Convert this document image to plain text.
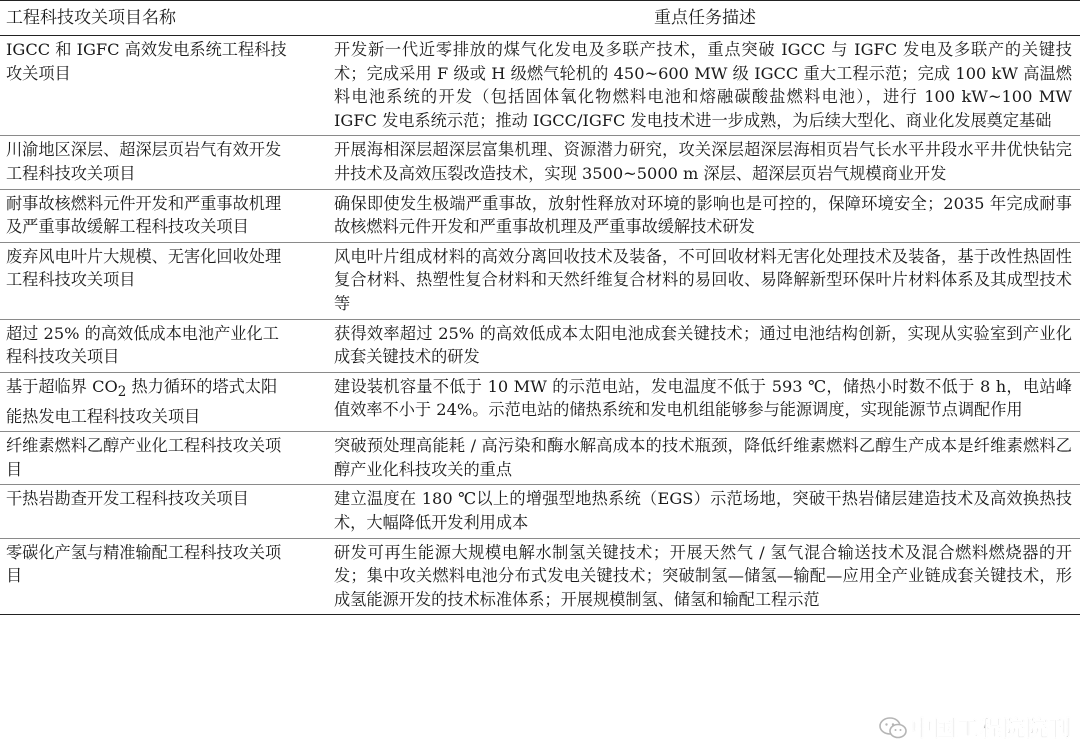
工程科技攻关项目名称	重点任务描述
IGCC 和 IGFC 高效发电系统工程科技攻关项目	开发新一代近零排放的煤气化发电及多联产技术，重点突破 IGCC 与 IGFC 发电及多联产的关键技术；完成采用 F 级或 H 级燃气轮机的 450~600 MW 级 IGCC 重大工程示范；完成 100 kW 高温燃料电池系统的开发（包括固体氧化物燃料电池和熔融碳酸盐燃料电池），进行 100 kW~100 MW IGFC 发电系统示范；推动 IGCC/IGFC 发电技术进一步成熟，为后续大型化、商业化发展奠定基础
川渝地区深层、超深层页岩气有效开发工程科技攻关项目	开展海相深层超深层富集机理、资源潜力研究，攻关深层超深层海相页岩气长水平井段水平井优快钻完井技术及高效压裂改造技术，实现 3500~5000 m 深层、超深层页岩气规模商业开发
耐事故核燃料元件开发和严重事故机理及严重事故缓解工程科技攻关项目	确保即使发生极端严重事故，放射性释放对环境的影响也是可控的，保障环境安全；2035 年完成耐事故核燃料元件开发和严重事故机理及严重事故缓解技术研发
废弃风电叶片大规模、无害化回收处理工程科技攻关项目	风电叶片组成材料的高效分离回收技术及装备，不可回收材料无害化处理技术及装备，基于改性热固性复合材料、热塑性复合材料和天然纤维复合材料的易回收、易降解新型环保叶片材料体系及其成型技术等
超过 25% 的高效低成本电池产业化工程科技攻关项目	获得效率超过 25% 的高效低成本太阳电池成套关键技术；通过电池结构创新，实现从实验室到产业化成套关键技术的研发
基于超临界 $CO_2$ 热力循环的塔式太阳能热发电工程科技攻关项目	建设装机容量不低于 10 MW 的示范电站，发电温度不低于 593 ℃，储热小时数不低于 8 h，电站峰值效率不小于 24%。示范电站的储热系统和发电机组能够参与能源调度，实现能源节点调配作用
纤维素燃料乙醇产业化工程科技攻关项目	突破预处理高能耗 / 高污染和酶水解高成本的技术瓶颈，降低纤维素燃料乙醇生产成本是纤维素燃料乙醇产业化科技攻关的重点
干热岩勘查开发工程科技攻关项目	建立温度在 180 ℃以上的增强型地热系统（EGS）示范场地，突破干热岩储层建造技术及高效换热技术，大幅降低开发利用成本
零碳化产氢与精准输配工程科技攻关项目	研发可再生能源大规模电解水制氢关键技术；开展天然气 / 氢气混合输送技术及混合燃料燃烧器的开发；集中攻关燃料电池分布式发电关键技术；突破制氢—储氢—输配—应用全产业链成套关键技术，形成氢能源开发的技术标准体系；开展规模制氢、储氢和输配工程示范
中国工程院院刊
